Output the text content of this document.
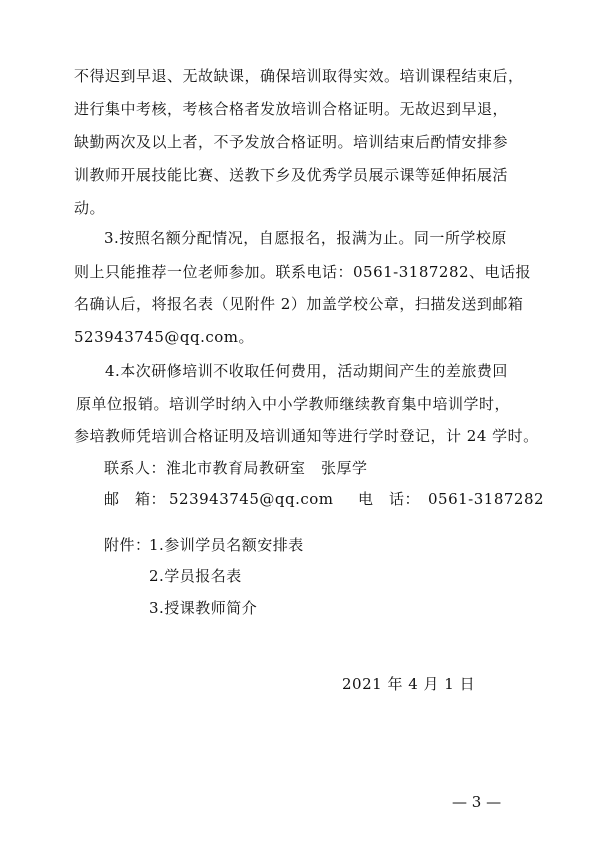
不得迟到早退、无故缺课，确保培训取得实效。培训课程结束后，
进行集中考核，考核合格者发放培训合格证明。无故迟到早退，
缺勤两次及以上者，不予发放合格证明。培训结束后酌情安排参
训教师开展技能比赛、送教下乡及优秀学员展示课等延伸拓展活
动。
3.按照名额分配情况，自愿报名，报满为止。同一所学校原
则上只能推荐一位老师参加。联系电话：0561-3187282、电话报
名确认后，将报名表（见附件 2）加盖学校公章，扫描发送到邮箱
523943745@qq.com。
4.本次研修培训不收取任何费用，活动期间产生的差旅费回
原单位报销。培训学时纳入中小学教师继续教育集中培训学时，
参培教师凭培训合格证明及培训通知等进行学时登记，计 24 学时。
联系人：淮北市教育局教研室　张厚学
邮　箱： 523943745@qq.com 电　话： 0561-3187282
附件：
1.参训学员名额安排表
2.学员报名表
3.授课教师简介
2021 年 4 月 1 日
— 3 —
